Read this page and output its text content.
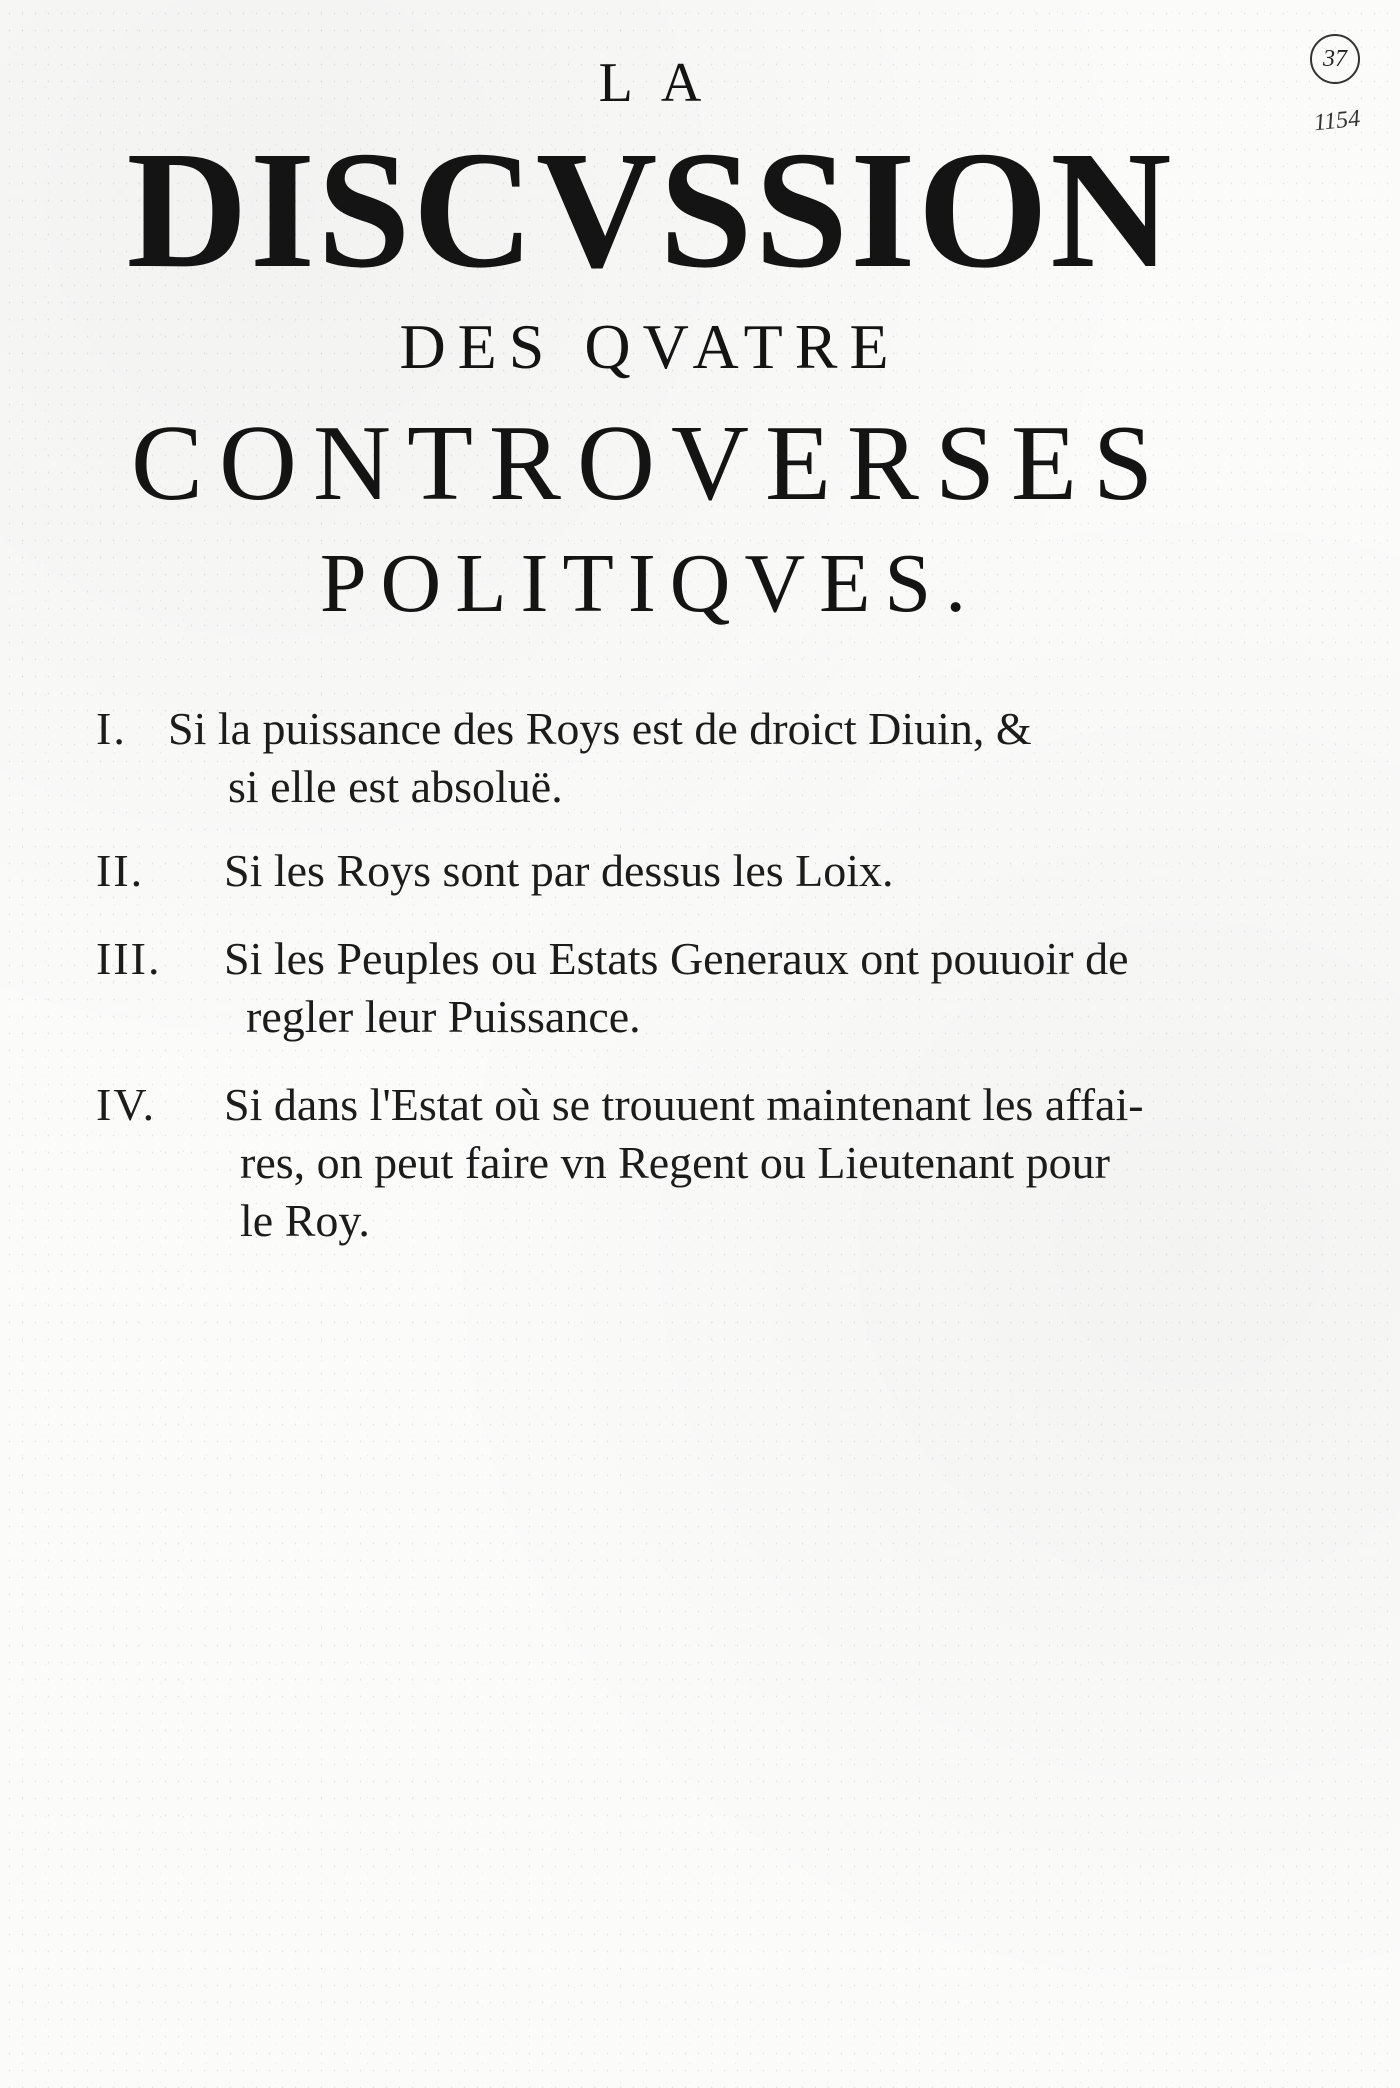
37
1154
LA
DISCVSSION
DES QVATRE
CONTROVERSES
POLITIQVES.
I. Si la puissance des Roys est de droict Diuin, &
si elle est absoluë.
II.	Si les Roys sont par dessus les Loix.
III.	Si les Peuples ou Estats Generaux ont pouuoir de
regler leur Puissance.
IV.	Si dans l'Estat où se trouuent maintenant les affai-
res, on peut faire vn Regent ou Lieutenant pour
le Roy.
